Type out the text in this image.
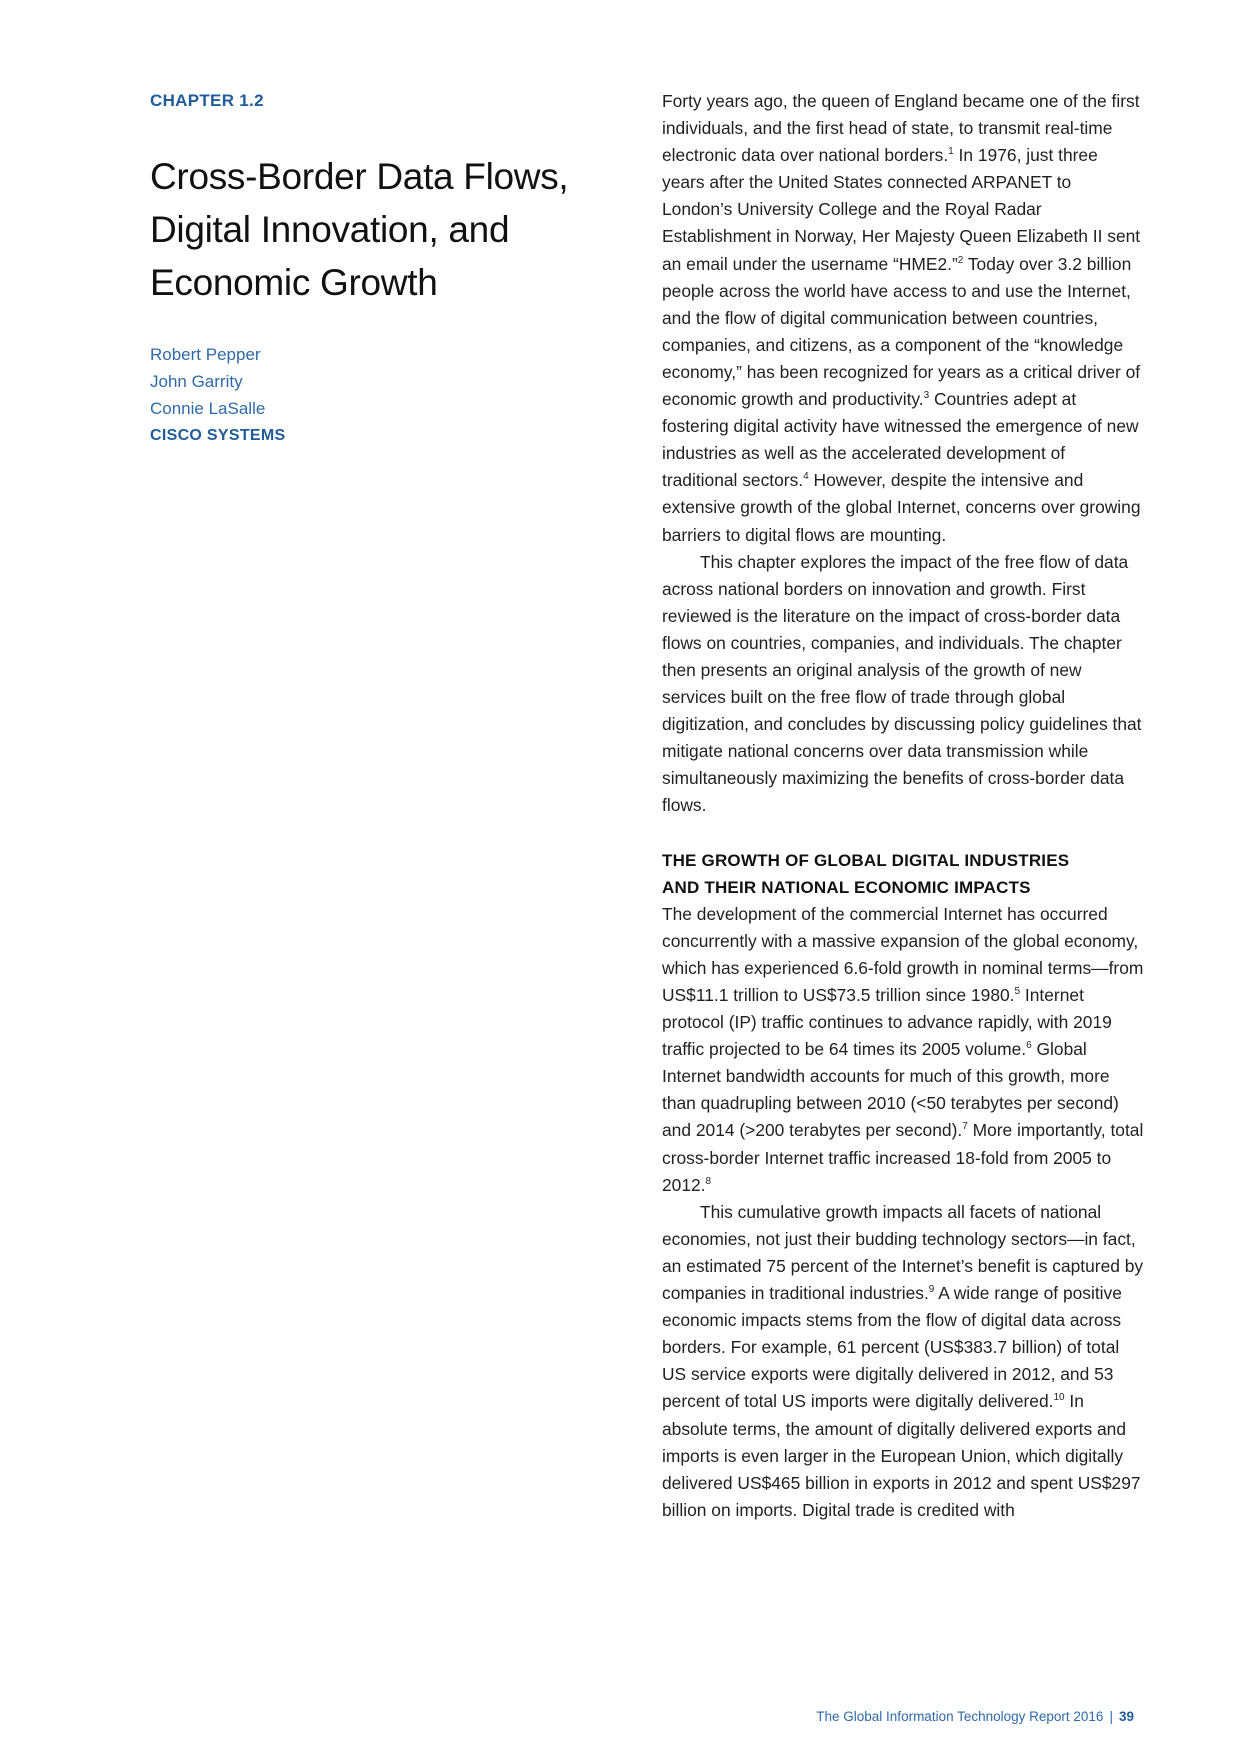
CHAPTER 1.2
Cross-Border Data Flows,
Digital Innovation, and
Economic Growth
Robert Pepper
John Garrity
Connie LaSalle
CISCO SYSTEMS

Forty years ago, the queen of England became one of the first individuals, and the first head of state, to transmit real-time electronic data over national borders.$^1$ In 1976, just three years after the United States connected ARPANET to London’s University College and the Royal Radar Establishment in Norway, Her Majesty Queen Elizabeth II sent an email under the username “HME2.”$^2$ Today over 3.2 billion people across the world have access to and use the Internet, and the flow of digital communication between countries, companies, and citizens, as a component of the “knowledge economy,” has been recognized for years as a critical driver of economic growth and productivity.$^3$ Countries adept at fostering digital activity have witnessed the emergence of new industries as well as the accelerated development of traditional sectors.$^4$ However, despite the intensive and extensive growth of the global Internet, concerns over growing barriers to digital flows are mounting.

This chapter explores the impact of the free flow of data across national borders on innovation and growth. First reviewed is the literature on the impact of cross-border data flows on countries, companies, and individuals. The chapter then presents an original analysis of the growth of new services built on the free flow of trade through global digitization, and concludes by discussing policy guidelines that mitigate national concerns over data transmission while simultaneously maximizing the benefits of cross-border data flows.

THE GROWTH OF GLOBAL DIGITAL INDUSTRIES
AND THEIR NATIONAL ECONOMIC IMPACTS

The development of the commercial Internet has occurred concurrently with a massive expansion of the global economy, which has experienced 6.6-fold growth in nominal terms—from US$11.1 trillion to US$73.5 trillion since 1980.$^5$ Internet protocol (IP) traffic continues to advance rapidly, with 2019 traffic projected to be 64 times its 2005 volume.$^6$ Global Internet bandwidth accounts for much of this growth, more than quadrupling between 2010 (<50 terabytes per second) and 2014 (>200 terabytes per second).$^7$ More importantly, total cross-border Internet traffic increased 18-fold from 2005 to 2012.$^8$

This cumulative growth impacts all facets of national economies, not just their budding technology sectors—in fact, an estimated 75 percent of the Internet’s benefit is captured by companies in traditional industries.$^9$ A wide range of positive economic impacts stems from the flow of digital data across borders. For example, 61 percent (US$383.7 billion) of total US service exports were digitally delivered in 2012, and 53 percent of total US imports were digitally delivered.$^{10}$ In absolute terms, the amount of digitally delivered exports and imports is even larger in the European Union, which digitally delivered US$465 billion in exports in 2012 and spent US$297 billion on imports. Digital trade is credited with

The Global Information Technology Report 2016 | 39
